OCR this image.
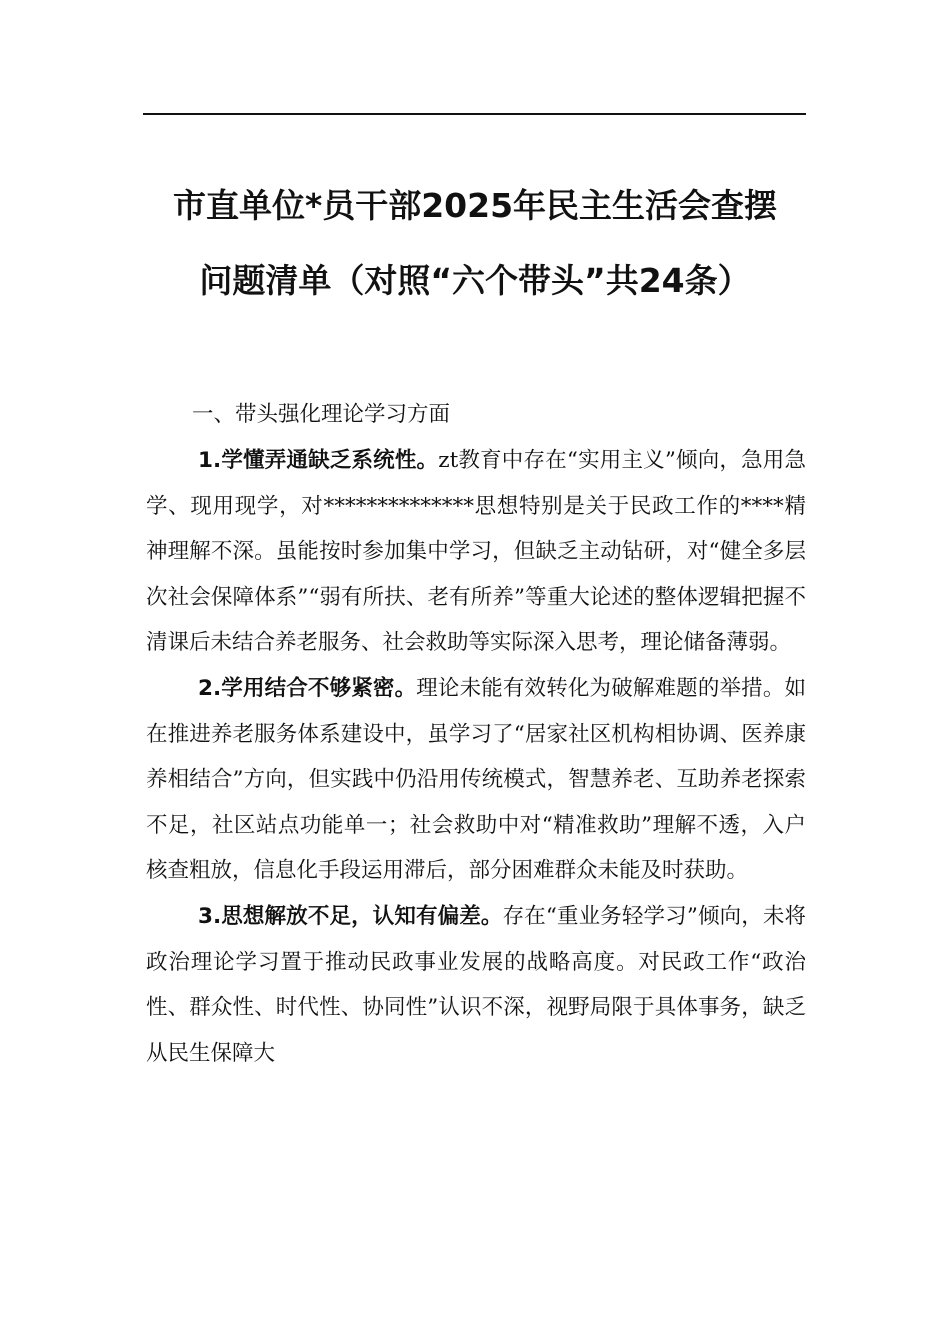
市直单位*员干部2025年民主生活会查摆
问题清单（对照“六个带头”共24条）
一、带头强化理论学习方面

1.学懂弄通缺乏系统性。zt教育中存在“实用主义”倾向，急用急学、现用现学，对**************思想特别是关于民政工作的****精神理解不深。虽能按时参加集中学习，但缺乏主动钻研，对“健全多层次社会保障体系”“弱有所扶、老有所养”等重大论述的整体逻辑把握不清课后未结合养老服务、社会救助等实际深入思考，理论储备薄弱。

2.学用结合不够紧密。理论未能有效转化为破解难题的举措。如在推进养老服务体系建设中，虽学习了“居家社区机构相协调、医养康养相结合”方向，但实践中仍沿用传统模式，智慧养老、互助养老探索不足，社区站点功能单一；社会救助中对“精准救助”理解不透，入户核查粗放，信息化手段运用滞后，部分困难群众未能及时获助。

3.思想解放不足，认知有偏差。存在“重业务轻学习”倾向，未将政治理论学习置于推动民政事业发展的战略高度。对民政工作“政治性、群众性、时代性、协同性”认识不深，视野局限于具体事务，缺乏从民生保障大
